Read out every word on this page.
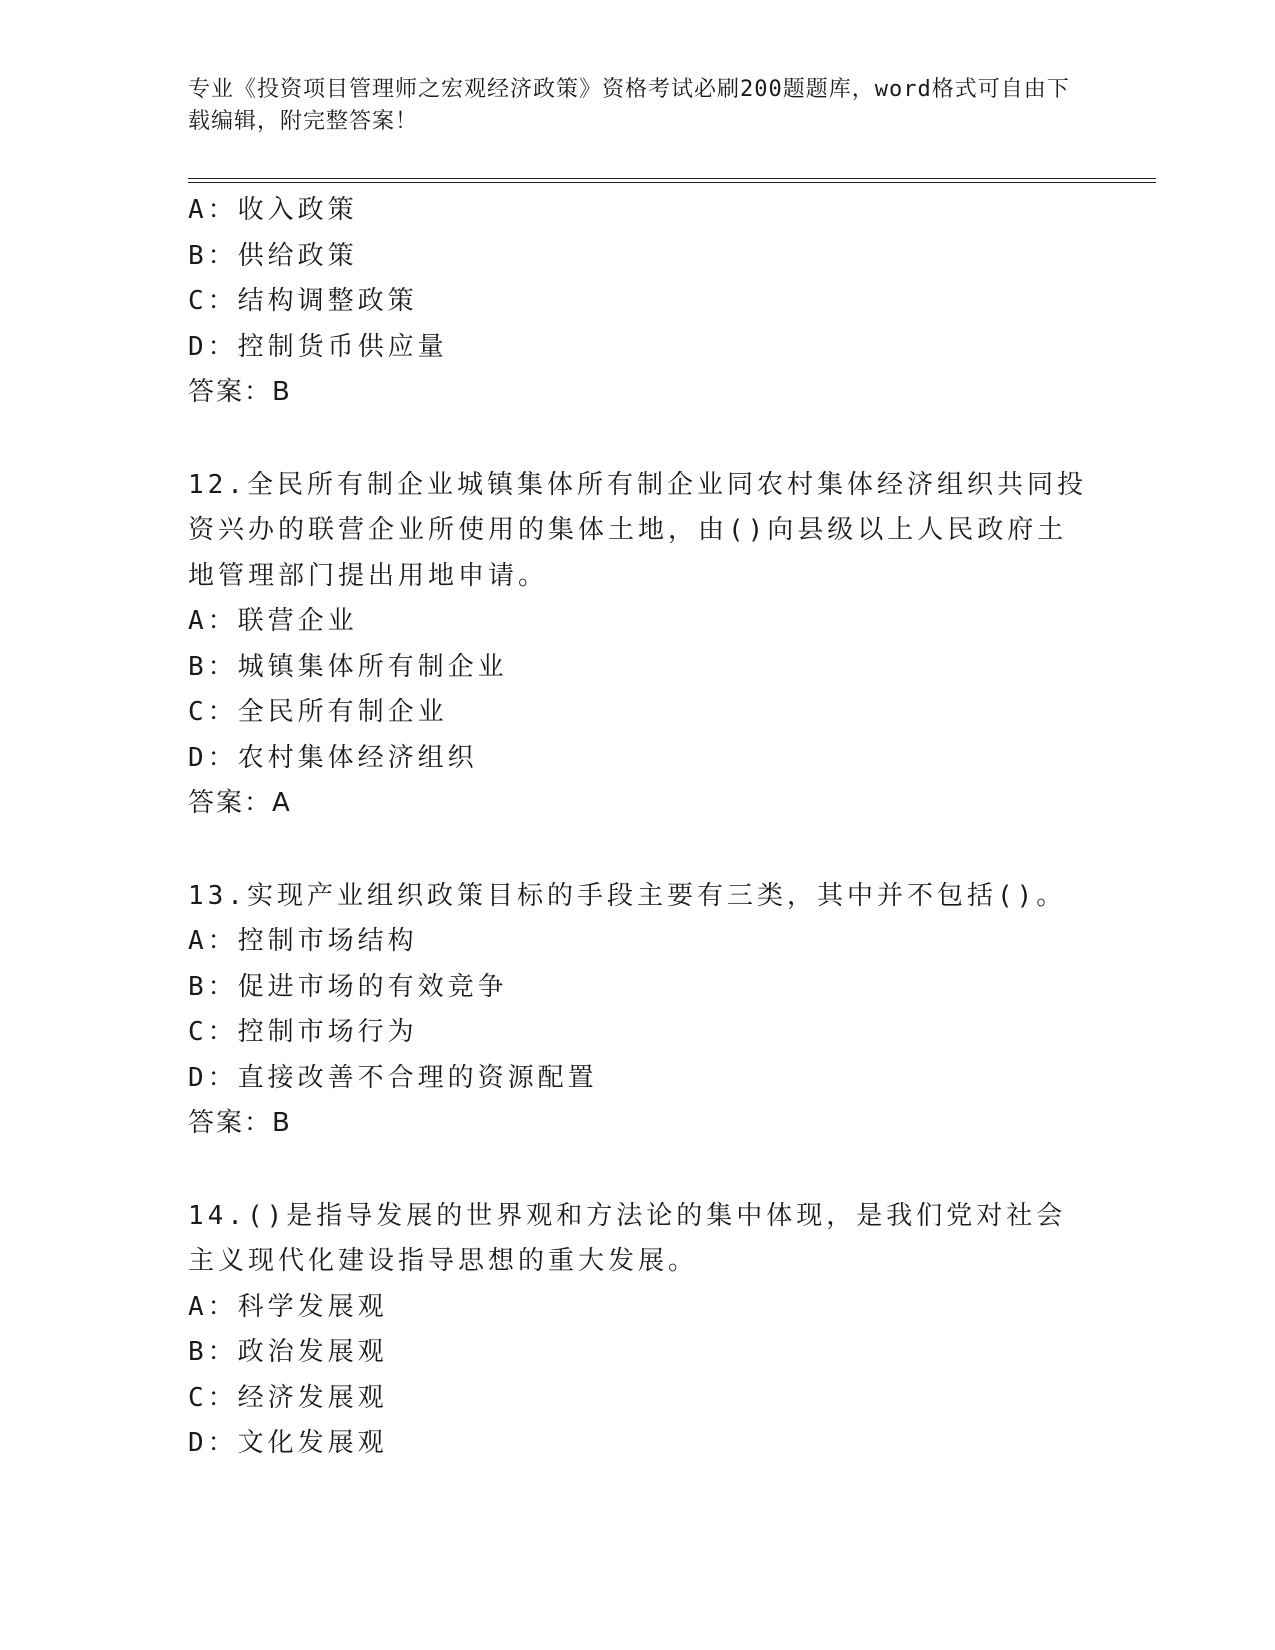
专业《投资项目管理师之宏观经济政策》资格考试必刷200题题库，word格式可自由下载编辑，附完整答案！
A：收入政策
B：供给政策
C：结构调整政策
D：控制货币供应量
答案：B
12.全民所有制企业城镇集体所有制企业同农村集体经济组织共同投资兴办的联营企业所使用的集体土地，由()向县级以上人民政府土地管理部门提出用地申请。
A：联营企业
B：城镇集体所有制企业
C：全民所有制企业
D：农村集体经济组织
答案：A
13.实现产业组织政策目标的手段主要有三类，其中并不包括()。
A：控制市场结构
B：促进市场的有效竞争
C：控制市场行为
D：直接改善不合理的资源配置
答案：B
14.()是指导发展的世界观和方法论的集中体现，是我们党对社会主义现代化建设指导思想的重大发展。
A：科学发展观
B：政治发展观
C：经济发展观
D：文化发展观
